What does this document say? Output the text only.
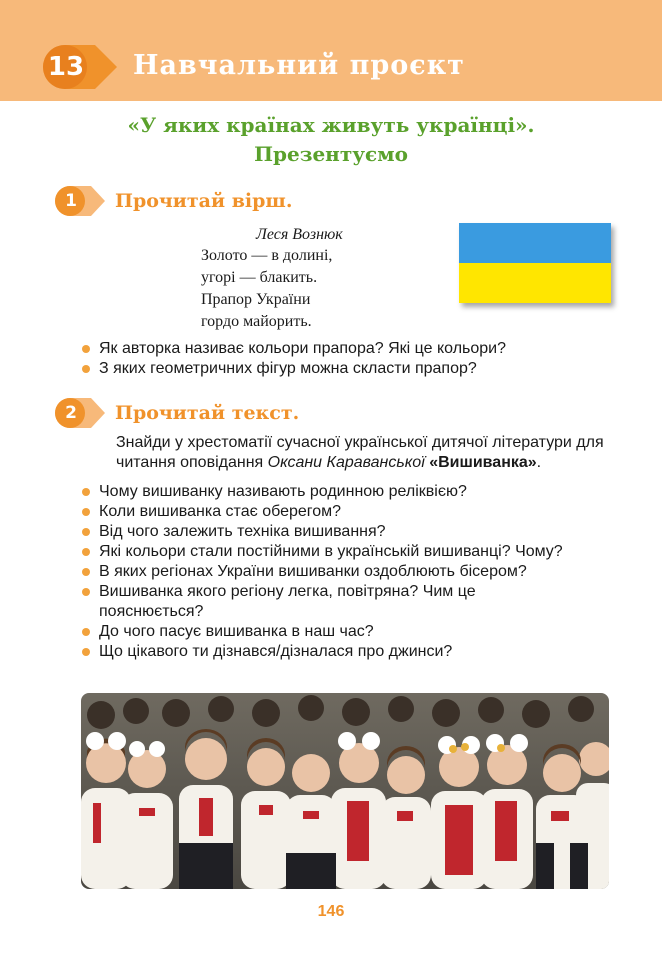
13 Навчальний проєкт
«У яких країнах живуть українці».
Презентуємо
1	Прочитай вірш.
Леся Вознюк
Золото — в долині,
угорі — блакить.
Прапор України
гордо майорить.
Як авторка називає кольори прапора? Які це кольори?
З яких геометричних фігур можна скласти прапор?
2	Прочитай текст.
Знайди у хрестоматії сучасної української дитячої літератури для читання оповідання Оксани Караванської «Вишиванка».
Чому вишиванку називають родинною реліквією?
Коли вишиванка стає оберегом?
Від чого залежить техніка вишивання?
Які кольори стали постійними в українській вишиванці? Чому?
В яких регіонах України вишиванки оздоблюють бісером?
Вишиванка якого регіону легка, повітряна? Чим це пояснюється?
До чого пасує вишиванка в наш час?
Що цікавого ти дізнався/дізналася про джинси?
146
